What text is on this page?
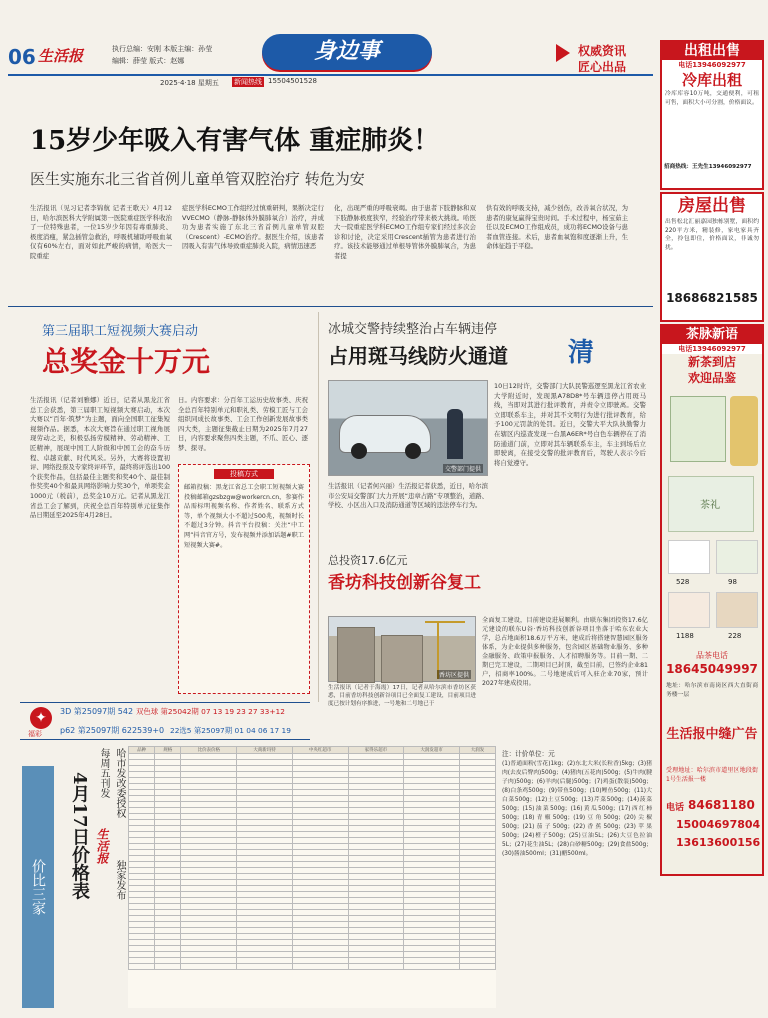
06 生活报	执行总编：安刚 本版主编：孙莹
编辑：薛莹 版式：赵娜	身边事	权威资讯
匠心出品
2025·4·18 星期五 新闻热线 15504501528
15岁少年吸入有害气体 重症肺炎！
医生实施东北三省首例儿童单管双腔治疗 转危为安
生活报讯（见习记者李锦航 记者王歌天）4月12日，哈尔滨医科大学附属第一医院重症医学科收治了一位特殊患者，一位15岁少年因有毒重肺炎、极度消瘦，紧急插管急救治，呼吸机辅助呼吸血氧仅有60%左右，面对如此严峻的病情，哈医大一院重症
症医学科ECMO工作组经过慎重研判，果断决定行VVECMO（静脉-静脉体外膜肺氧合）治疗，并成功为患者实施了东北三省首例儿童单管双腔（Crescent）-ECMO治疗。据医生介绍，该患者因吸入有害气体导致重症肺炎入院，病情迅速恶
化，出现严重的呼吸衰竭。由于患者下肢静脉和双下肢静脉极度狭窄，经验治疗带来极大挑战。哈医大一院重症医学科ECMO工作组专家们经过多次会诊和讨论，决定采用Crescent插管为患者进行治疗。该技术能够通过单根导管体外膜肺氧合，为患者提
供有效的呼吸支持，减少创伤，改善氧合状况，为患者的康复赢得宝贵时间。手术过程中，杨宝茹主任以及ECMO工作组成员，成功将ECMO设备与患者血管连接。术后，患者血氧饱和度逐渐上升，生命体征趋于平稳。
第三届职工短视频大赛启动
总奖金十万元
生活报讯（记者刘雅娜）近日，记者从黑龙江省总工会获悉，第三届职工短视频大赛启动，本次大赛以“百年·筑梦”为主题，面向全国职工征集短视频作品。据悉，本次大赛旨在通过职工视角展现劳动之美，积极弘扬劳模精神、劳动精神、工匠精神，展现中国工人阶级和中国工会的奋斗历程、卓越贡献、时代风采。另外，大赛将设置初评、网络投票及专家终评环节，最终将评选出100个获奖作品，包括最佳主题奖和奖40个、最佳制作奖奖40个和最具网络影响力奖30个，单项奖金1000元（税前），总奖金10万元。记者从黑龙江省总工会了解到，庆祝全总百年特别单元征集作品日期延至2025年4月28日。
日。内容要求：分百年工运历史故事类、庆祝全总百年特别单元和职礼类、劳模工匠与工会组织同成长故事类、工会工作创新发展故事类四大类，主题征集截止日期为2025年7月27日，内容要求聚焦四类主题，不爪、匠心、逐梦、探寻。
投稿方式
邮箱投稿：黑龙江省总工会职工短视频大赛投稿邮箱gzsbzgw@workercn.cn，参赛作品需标明视频名称、作者姓名、联系方式等，单个视频大小不超过500兆，视频时长不超过3分钟。抖音平台投稿：关注“中工网”抖音官方号，发布视频并添加话题#职工短视频大赛#。
冰城交警持续整治占车辆违停
占用斑马线防火通道 清
交警部门提供
生活报讯（记者何兴丽）生活报记者获悉，近日，哈尔滨市公安局交警部门大力开展“违章占路”专项整治，道路、学校、小区出入口及消防通道等区域的违法停车行为。
10日12时许，交警部门大队民警巡逻至黑龙江省农业大学附近时，发现黑A78D8*号车辆违停占用斑马线，当即对其进行批评教育，并责令立即驶离。交警立即联系车主，并对其不文明行为进行批评教育，给予100元罚款的处罚。近日，交警大平大队执勤警力在辖区内巡查发现一台黑A6ER*号白色车辆停在了消防通道门前，立即对其车辆联系车主，车主到场后立即驶离，在接受交警的批评教育后，驾驶人表示今后将自觉遵守。
总投资17.6亿元
香坊科技创新谷复工
香坊区提供
生活报讯（记者于海霞）17日，记者从哈尔滨市香坊区获悉，目前香坊科技创新谷项目已全面复工建设，目前项目进度已按计划有序推进，一号地和二号地已于
全面复工建设，目前建设进展顺利。由联东集团投资17.6亿元建设的联东U谷·香坊科技创新谷项目坐落于哈东农业大学，总占地面积18.6万平方米，建成后将搭建智慧园区服务体系，为企业提供多种服务，包含园区基础物业服务、多种金融服务、政策申报服务、人才招聘服务等。目前一期、二期已完工建设，二期项目已封顶，截至目前，已签约企业81户，招商率100%。二号地建成后可入驻企业70家，预计2027年建成投用。
✦
福彩
3D 第25097期 542 双色球 第25042期 07 13 19 23 27 33+12
p62 第25097期 622539+0 22选5 第25097期 01 04 06 17 19
价比三家
哈市发改委授权
每周五刊发
生活报
独家发布
4月17日价格表
品种	规格	比价表价格	大商新玛特	中央红超市	家得乐超市	大润发超市	大润发

								注：计价单位：元
(1)普通面粉(雪花)1kg；(2)东北大米(长粒香)5kg；(3)猪肉(去皮后臀肉)500g；(4)猪肉(五花肉)500g；(5)牛肉(腱子肉)500g；(6)羊肉(后腿)500g；(7)鸡蛋(散装)500g；(8)白条鸡500g；(9)带鱼500g；(10)鲤鱼500g；(11)大白菜500g；(12)土豆500g；(13)芹菜500g；(14)菠菜500g；(15)油菜500g；(16)黄瓜500g；(17)西红柿500g；(18)青椒500g；(19)豆角500g；(20)尖椒500g；(21)茄子500g；(22)香蕉500g；(23)苹果500g；(24)橙子500g；(25)豆油5L；(26)大豆色拉油5L；(27)花生油5L；(28)白砂糖500g；(29)食盐500g；(30)酱油500ml；(31)醋500ml。
出租出售
电话13946092977
冷库出租
冷库库容10万吨，交通便利，可租可售，面积大小可分割，价格面议。
招商热线：王先生13946092977
房屋出售
出售松北汇丽嘉园独栋别墅，面积约220平方米，精装修，家电家具齐全，拎包即住，价格面议，非诚勿扰。
18686821585
茶脉新语
电话13946092977
新茶到店
欢迎品鉴
茶礼
528	98
1188	228
品茶电话
18645049997
地址：哈尔滨市南岗区西大直街商务楼一层
生活报中缝广告
受理地址：哈尔滨市道里区地段街1号生活报一楼
电话 84681180
15004697804
13613600156
